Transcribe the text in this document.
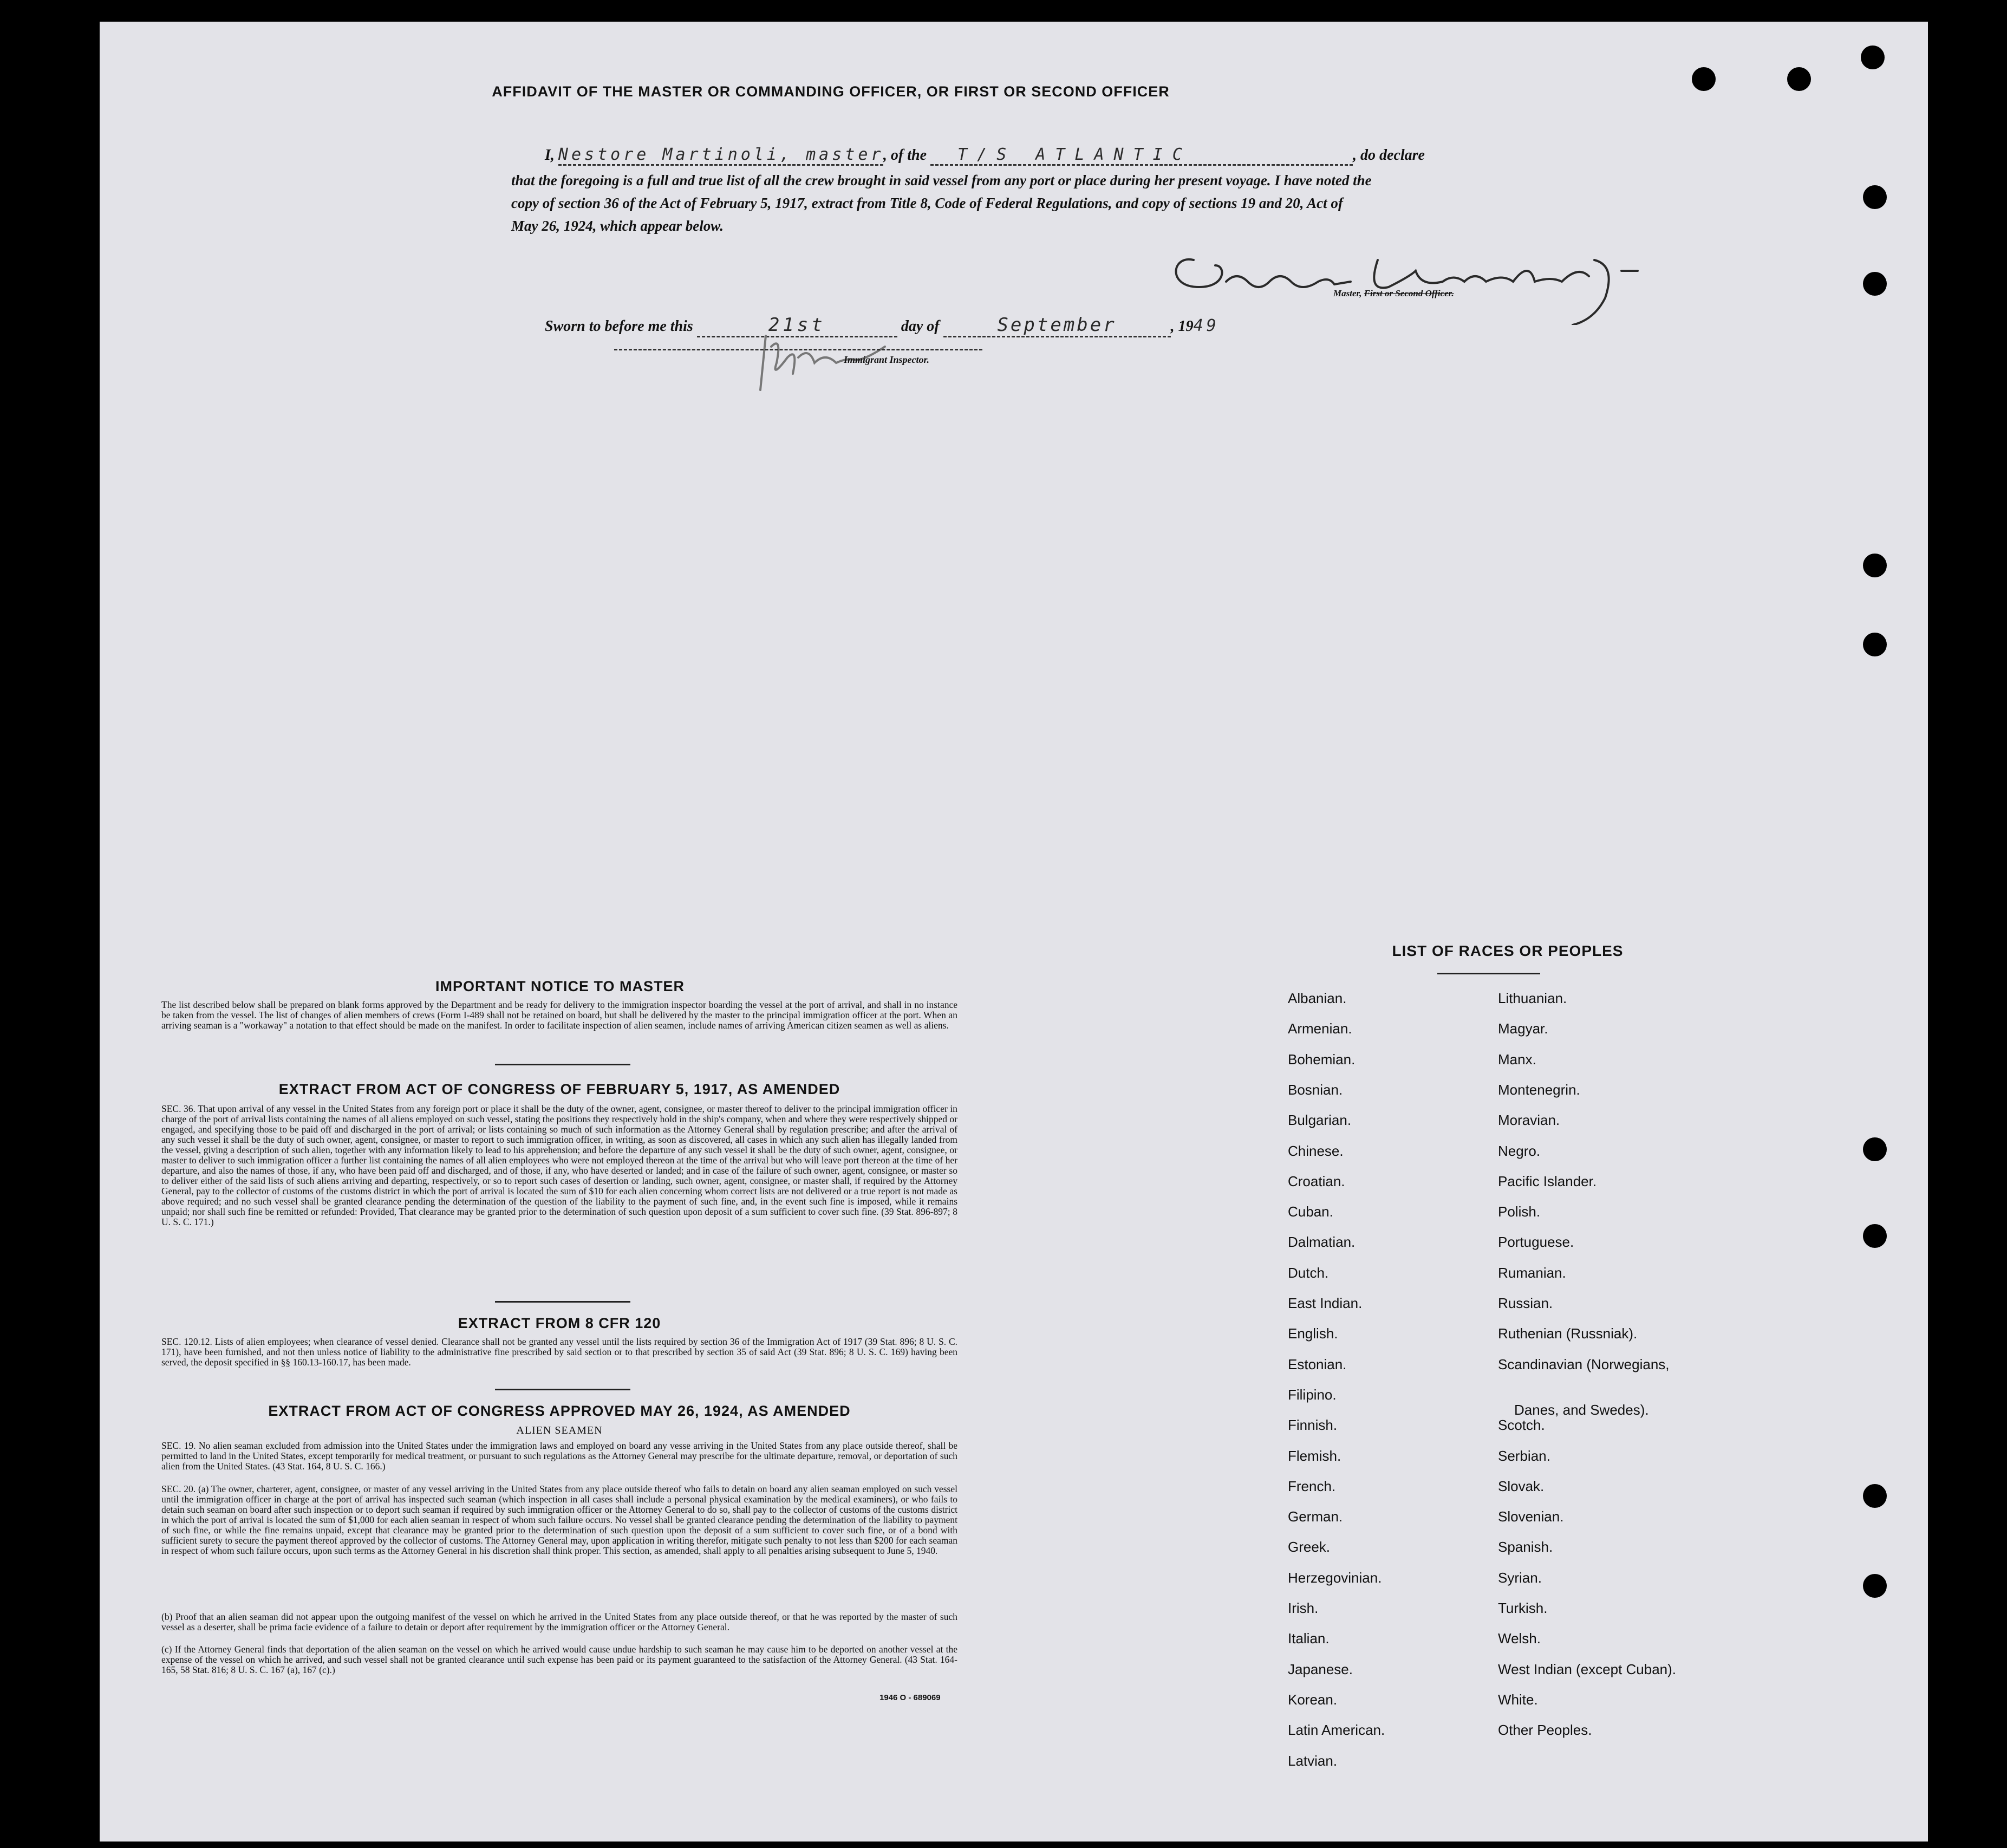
AFFIDAVIT OF THE MASTER OR COMMANDING OFFICER, OR FIRST OR SECOND OFFICER
I, Nestore Martinoli, master, of the T/S ATLANTIC	, do declare
that the foregoing is a full and true list of all the crew brought in said vessel from any port or place during her present voyage. I have noted the
copy of section 36 of the Act of February 5, 1917, extract from Title 8, Code of Federal Regulations, and copy of sections 19 and 20, Act of
May 26, 1924, which appear below.
Master, First or Second Officer.
Sworn to before me this	21st	day of	September	, 1949
Immigrant Inspector.
IMPORTANT NOTICE TO MASTER
The list described below shall be prepared on blank forms approved by the Department and be ready for delivery to the immigration inspector boarding the vessel at the port of arrival, and shall in no instance be taken from the vessel. The list of changes of alien members of crews (Form I-489 shall not be retained on board, but shall be delivered by the master to the principal immigration officer at the port. When an arriving seaman is a "workaway" a notation to that effect should be made on the manifest. In order to facilitate inspection of alien seamen, include names of arriving American citizen seamen as well as aliens.
EXTRACT FROM ACT OF CONGRESS OF FEBRUARY 5, 1917, AS AMENDED
SEC. 36. That upon arrival of any vessel in the United States from any foreign port or place it shall be the duty of the owner, agent, consignee, or master thereof to deliver to the principal immigration officer in charge of the port of arrival lists containing the names of all aliens employed on such vessel, stating the positions they respectively hold in the ship's company, when and where they were respectively shipped or engaged, and specifying those to be paid off and discharged in the port of arrival; or lists containing so much of such information as the Attorney General shall by regulation prescribe; and after the arrival of any such vessel it shall be the duty of such owner, agent, consignee, or master to report to such immigration officer, in writing, as soon as discovered, all cases in which any such alien has illegally landed from the vessel, giving a description of such alien, together with any information likely to lead to his apprehension; and before the departure of any such vessel it shall be the duty of such owner, agent, consignee, or master to deliver to such immigration officer a further list containing the names of all alien employees who were not employed thereon at the time of the arrival but who will leave port thereon at the time of her departure, and also the names of those, if any, who have been paid off and discharged, and of those, if any, who have deserted or landed; and in case of the failure of such owner, agent, consignee, or master so to deliver either of the said lists of such aliens arriving and departing, respectively, or so to report such cases of desertion or landing, such owner, agent, consignee, or master shall, if required by the Attorney General, pay to the collector of customs of the customs district in which the port of arrival is located the sum of $10 for each alien concerning whom correct lists are not delivered or a true report is not made as above required; and no such vessel shall be granted clearance pending the determination of the question of the liability to the payment of such fine, and, in the event such fine is imposed, while it remains unpaid; nor shall such fine be remitted or refunded: Provided, That clearance may be granted prior to the determination of such question upon deposit of a sum sufficient to cover such fine. (39 Stat. 896-897; 8 U. S. C. 171.)
EXTRACT FROM 8 CFR 120
SEC. 120.12. Lists of alien employees; when clearance of vessel denied. Clearance shall not be granted any vessel until the lists required by section 36 of the Immigration Act of 1917 (39 Stat. 896; 8 U. S. C. 171), have been furnished, and not then unless notice of liability to the administrative fine prescribed by said section or to that prescribed by section 35 of said Act (39 Stat. 896; 8 U. S. C. 169) having been served, the deposit specified in §§ 160.13-160.17, has been made.
EXTRACT FROM ACT OF CONGRESS APPROVED MAY 26, 1924, AS AMENDED
ALIEN SEAMEN
SEC. 19. No alien seaman excluded from admission into the United States under the immigration laws and employed on board any vesse arriving in the United States from any place outside thereof, shall be permitted to land in the United States, except temporarily for medical treatment, or pursuant to such regulations as the Attorney General may prescribe for the ultimate departure, removal, or deportation of such alien from the United States. (43 Stat. 164, 8 U. S. C. 166.)
SEC. 20. (a) The owner, charterer, agent, consignee, or master of any vessel arriving in the United States from any place outside thereof who fails to detain on board any alien seaman employed on such vessel until the immigration officer in charge at the port of arrival has inspected such seaman (which inspection in all cases shall include a personal physical examination by the medical examiners), or who fails to detain such seaman on board after such inspection or to deport such seaman if required by such immigration officer or the Attorney General to do so, shall pay to the collector of customs of the customs district in which the port of arrival is located the sum of $1,000 for each alien seaman in respect of whom such failure occurs. No vessel shall be granted clearance pending the determination of the liability to payment of such fine, or while the fine remains unpaid, except that clearance may be granted prior to the determination of such question upon the deposit of a sum sufficient to cover such fine, or of a bond with sufficient surety to secure the payment thereof approved by the collector of customs. The Attorney General may, upon application in writing therefor, mitigate such penalty to not less than $200 for each seaman in respect of whom such failure occurs, upon such terms as the Attorney General in his discretion shall think proper. This section, as amended, shall apply to all penalties arising subsequent to June 5, 1940.
(b) Proof that an alien seaman did not appear upon the outgoing manifest of the vessel on which he arrived in the United States from any place outside thereof, or that he was reported by the master of such vessel as a deserter, shall be prima facie evidence of a failure to detain or deport after requirement by the immigration officer or the Attorney General.
(c) If the Attorney General finds that deportation of the alien seaman on the vessel on which he arrived would cause undue hardship to such seaman he may cause him to be deported on another vessel at the expense of the vessel on which he arrived, and such vessel shall not be granted clearance until such expense has been paid or its payment guaranteed to the satisfaction of the Attorney General. (43 Stat. 164-165, 58 Stat. 816; 8 U. S. C. 167 (a), 167 (c).)
1946 O - 689069
LIST OF RACES OR PEOPLES
Albanian.
Armenian.
Bohemian.
Bosnian.
Bulgarian.
Chinese.
Croatian.
Cuban.
Dalmatian.
Dutch.
East Indian.
English.
Estonian.
Filipino.
Finnish.
Flemish.
French.
German.
Greek.
Herzegovinian.
Irish.
Italian.
Japanese.
Korean.
Latin American.
Latvian.
Lithuanian.
Magyar.
Manx.
Montenegrin.
Moravian.
Negro.
Pacific Islander.
Polish.
Portuguese.
Rumanian.
Russian.
Ruthenian (Russniak).
Scandinavian (Norwegians,
Danes, and Swedes).
Scotch.
Serbian.
Slovak.
Slovenian.
Spanish.
Syrian.
Turkish.
Welsh.
West Indian (except Cuban).
White.
Other Peoples.
